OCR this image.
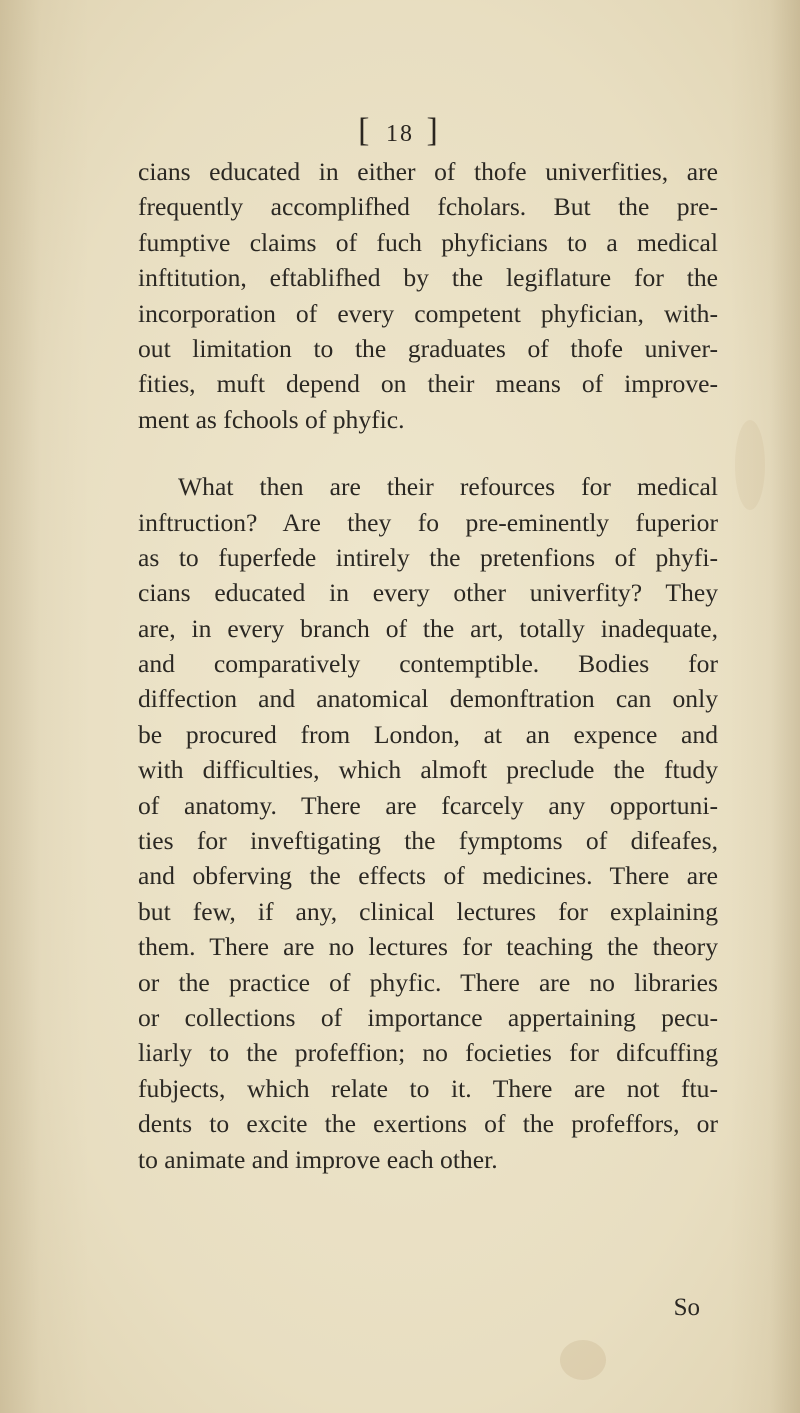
[ 18 ]
cians educated in either of thofe univerfities, are
frequently accomplifhed fcholars. But the pre-
fumptive claims of fuch phyficians to a medical
inftitution, eftablifhed by the legiflature for the
incorporation of every competent phyfician, with-
out limitation to the graduates of thofe univer-
fities, muft depend on their means of improve-
ment as fchools of phyfic.
What then are their refources for medical
inftruction? Are they fo pre-eminently fuperior
as to fuperfede intirely the pretenfions of phyfi-
cians educated in every other univerfity? They
are, in every branch of the art, totally inadequate,
and comparatively contemptible. Bodies for
diffection and anatomical demonftration can only
be procured from London, at an expence and
with difficulties, which almoft preclude the ftudy
of anatomy. There are fcarcely any opportuni-
ties for inveftigating the fymptoms of difeafes,
and obferving the effects of medicines. There are
but few, if any, clinical lectures for explaining
them. There are no lectures for teaching the theory
or the practice of phyfic. There are no libraries
or collections of importance appertaining pecu-
liarly to the profeffion; no focieties for difcuffing
fubjects, which relate to it. There are not ftu-
dents to excite the exertions of the profeffors, or
to animate and improve each other.
So
